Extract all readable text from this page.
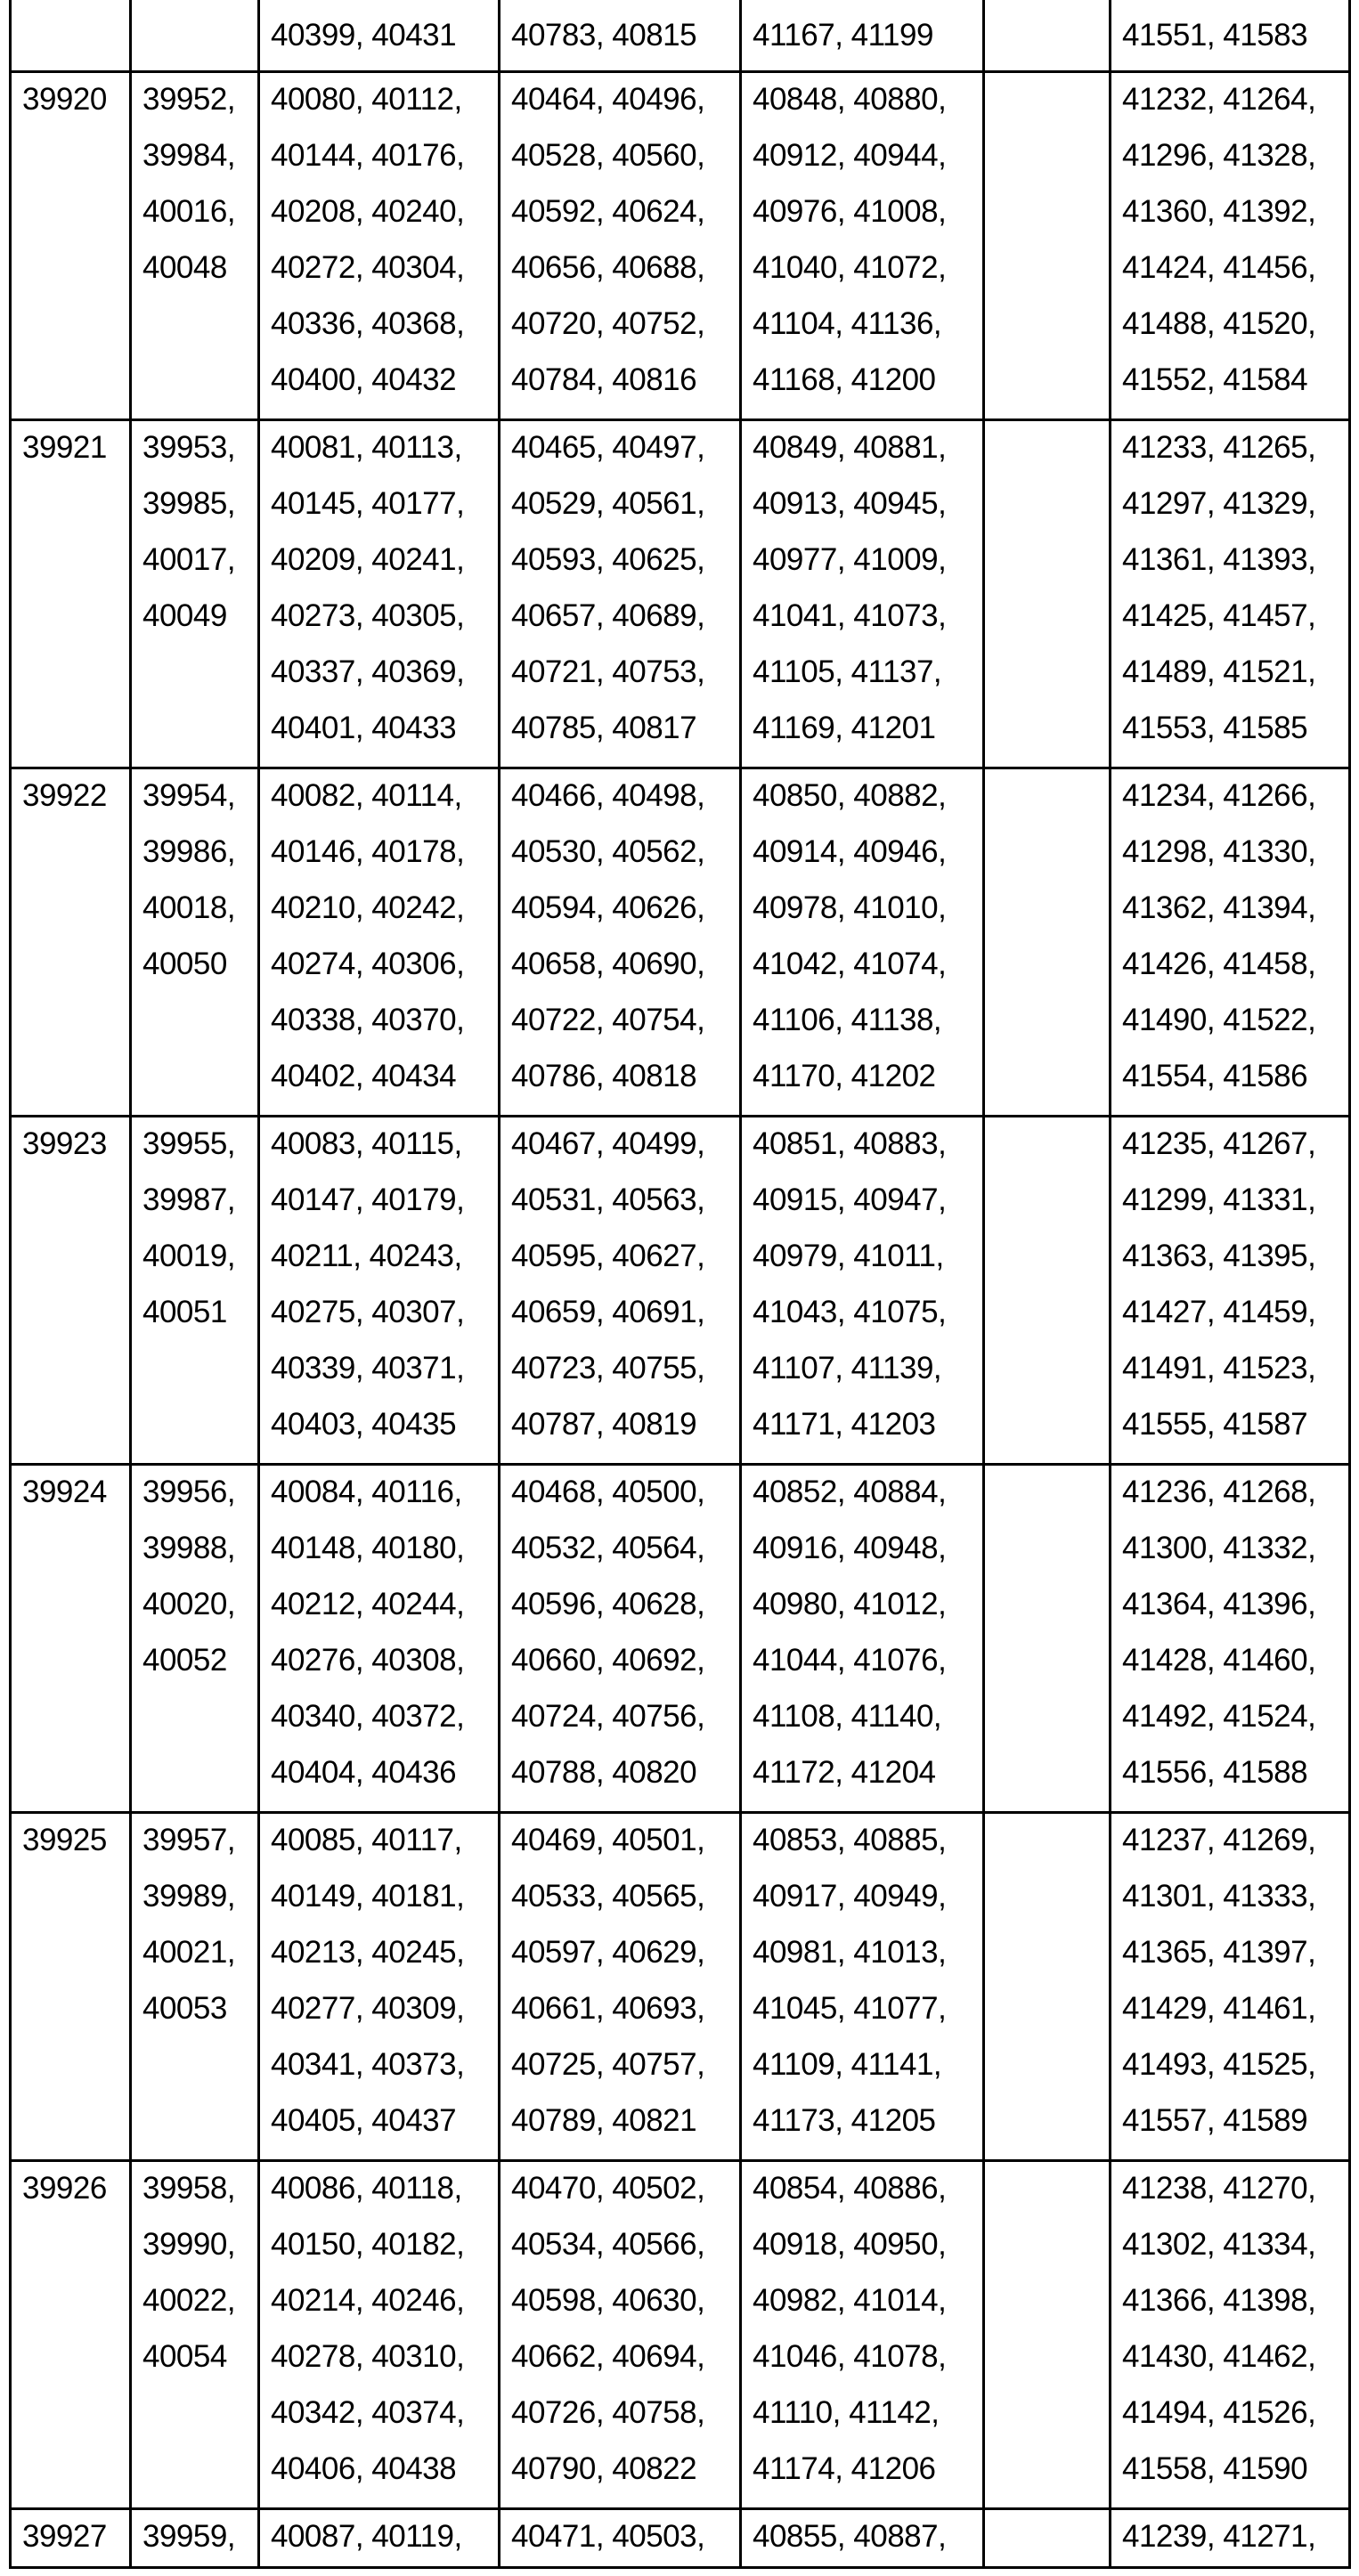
40399, 40431	40783, 40815	41167, 41199	41551, 41583
39920	39952,
39984,
40016,
40048
40080, 40112,
40144, 40176,
40208, 40240,
40272, 40304,
40336, 40368,
40400, 40432
40464, 40496,
40528, 40560,
40592, 40624,
40656, 40688,
40720, 40752,
40784, 40816
40848, 40880,
40912, 40944,
40976, 41008,
41040, 41072,
41104, 41136,
41168, 41200
41232, 41264,
41296, 41328,
41360, 41392,
41424, 41456,
41488, 41520,
41552, 41584
39921	39953,
39985,
40017,
40049
40081, 40113,
40145, 40177,
40209, 40241,
40273, 40305,
40337, 40369,
40401, 40433
40465, 40497,
40529, 40561,
40593, 40625,
40657, 40689,
40721, 40753,
40785, 40817
40849, 40881,
40913, 40945,
40977, 41009,
41041, 41073,
41105, 41137,
41169, 41201
41233, 41265,
41297, 41329,
41361, 41393,
41425, 41457,
41489, 41521,
41553, 41585
39922	39954,
39986,
40018,
40050
40082, 40114,
40146, 40178,
40210, 40242,
40274, 40306,
40338, 40370,
40402, 40434
40466, 40498,
40530, 40562,
40594, 40626,
40658, 40690,
40722, 40754,
40786, 40818
40850, 40882,
40914, 40946,
40978, 41010,
41042, 41074,
41106, 41138,
41170, 41202
41234, 41266,
41298, 41330,
41362, 41394,
41426, 41458,
41490, 41522,
41554, 41586
39923	39955,
39987,
40019,
40051
40083, 40115,
40147, 40179,
40211, 40243,
40275, 40307,
40339, 40371,
40403, 40435
40467, 40499,
40531, 40563,
40595, 40627,
40659, 40691,
40723, 40755,
40787, 40819
40851, 40883,
40915, 40947,
40979, 41011,
41043, 41075,
41107, 41139,
41171, 41203
41235, 41267,
41299, 41331,
41363, 41395,
41427, 41459,
41491, 41523,
41555, 41587
39924	39956,
39988,
40020,
40052
40084, 40116,
40148, 40180,
40212, 40244,
40276, 40308,
40340, 40372,
40404, 40436
40468, 40500,
40532, 40564,
40596, 40628,
40660, 40692,
40724, 40756,
40788, 40820
40852, 40884,
40916, 40948,
40980, 41012,
41044, 41076,
41108, 41140,
41172, 41204
41236, 41268,
41300, 41332,
41364, 41396,
41428, 41460,
41492, 41524,
41556, 41588
39925	39957,
39989,
40021,
40053
40085, 40117,
40149, 40181,
40213, 40245,
40277, 40309,
40341, 40373,
40405, 40437
40469, 40501,
40533, 40565,
40597, 40629,
40661, 40693,
40725, 40757,
40789, 40821
40853, 40885,
40917, 40949,
40981, 41013,
41045, 41077,
41109, 41141,
41173, 41205
41237, 41269,
41301, 41333,
41365, 41397,
41429, 41461,
41493, 41525,
41557, 41589
39926	39958,
39990,
40022,
40054
40086, 40118,
40150, 40182,
40214, 40246,
40278, 40310,
40342, 40374,
40406, 40438
40470, 40502,
40534, 40566,
40598, 40630,
40662, 40694,
40726, 40758,
40790, 40822
40854, 40886,
40918, 40950,
40982, 41014,
41046, 41078,
41110, 41142,
41174, 41206
41238, 41270,
41302, 41334,
41366, 41398,
41430, 41462,
41494, 41526,
41558, 41590
39927	39959,	40087, 40119,	40471, 40503,	40855, 40887,	41239, 41271,
